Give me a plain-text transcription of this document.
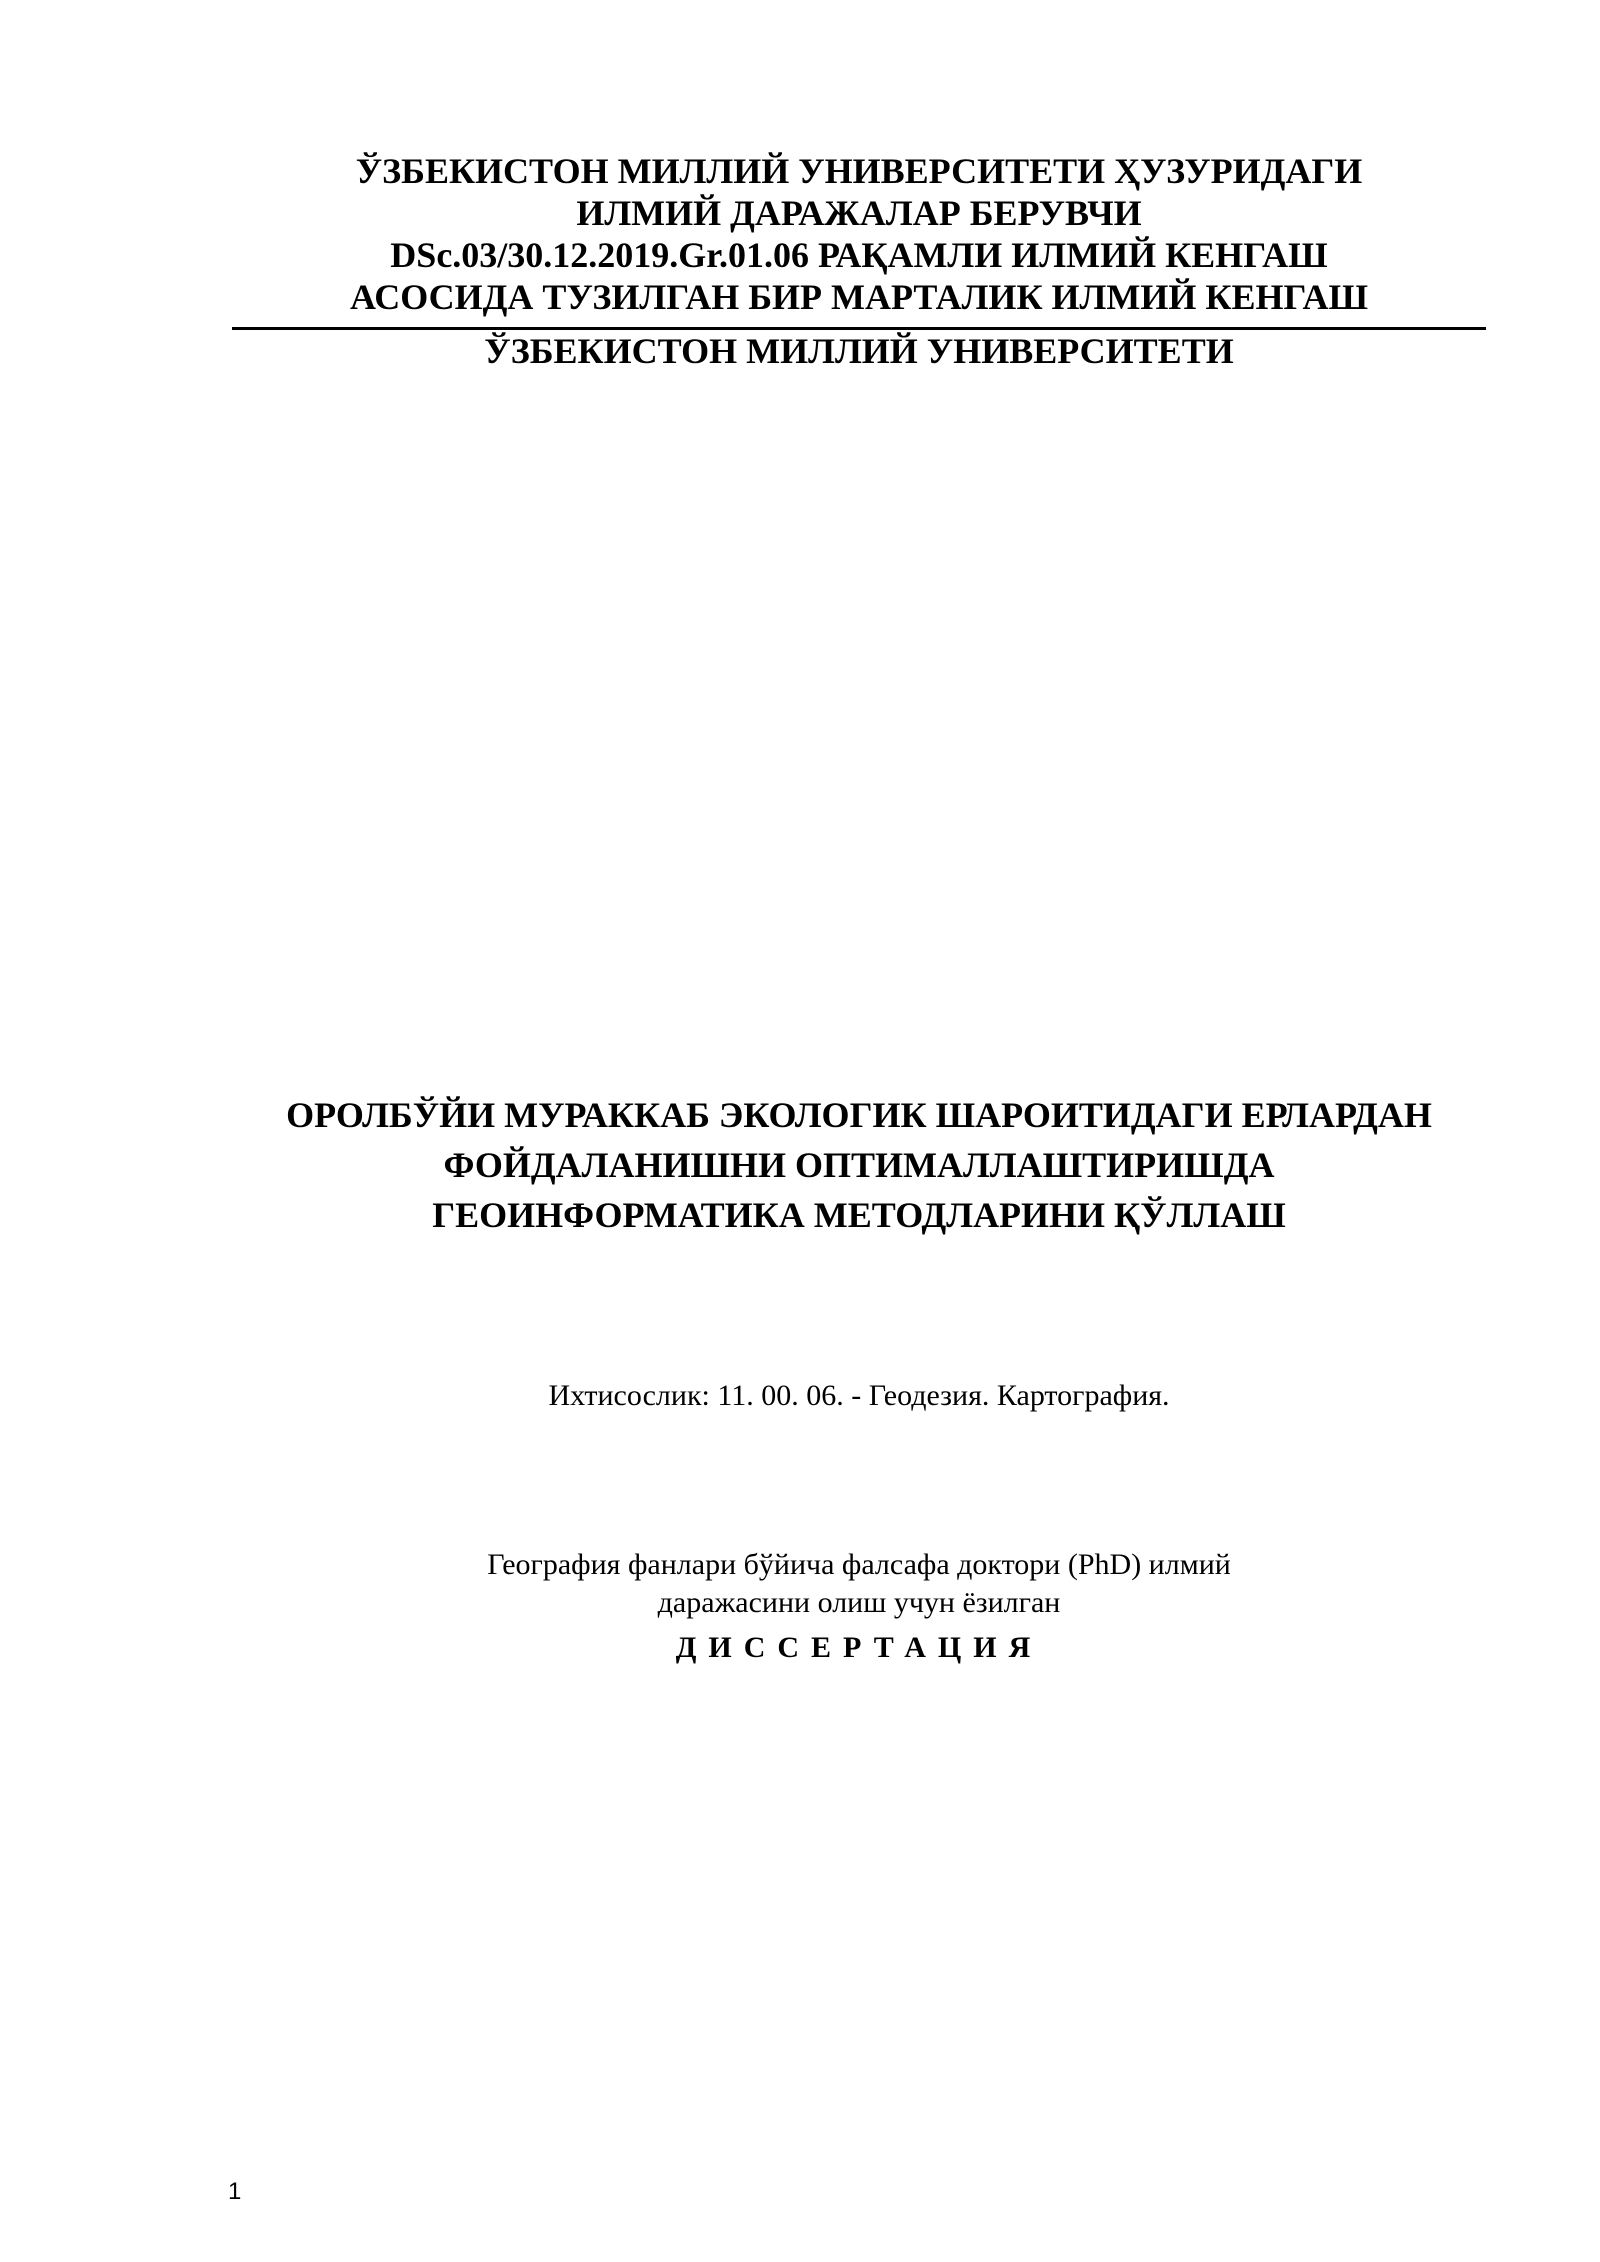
ЎЗБЕКИСТОН МИЛЛИЙ УНИВЕРСИТЕТИ ҲУЗУРИДАГИ
ИЛМИЙ ДАРАЖАЛАР БЕРУВЧИ
DSc.03/30.12.2019.Gr.01.06 РАҚАМЛИ ИЛМИЙ КЕНГАШ
АСОСИДА ТУЗИЛГАН БИР МАРТАЛИК ИЛМИЙ КЕНГАШ
ЎЗБЕКИСТОН МИЛЛИЙ УНИВЕРСИТЕТИ
ОРОЛБЎЙИ МУРАККАБ ЭКОЛОГИК ШАРОИТИДАГИ ЕРЛАРДАН
ФОЙДАЛАНИШНИ ОПТИМАЛЛАШТИРИШДА
ГЕОИНФОРМАТИКА МЕТОДЛАРИНИ ҚЎЛЛАШ
Ихтисослик: 11. 00. 06. - Геодезия. Картография.
География фанлари бўйича фалсафа доктори (PhD) илмий
даражасини олиш учун ёзилган
ДИССЕРТАЦИЯ
1
